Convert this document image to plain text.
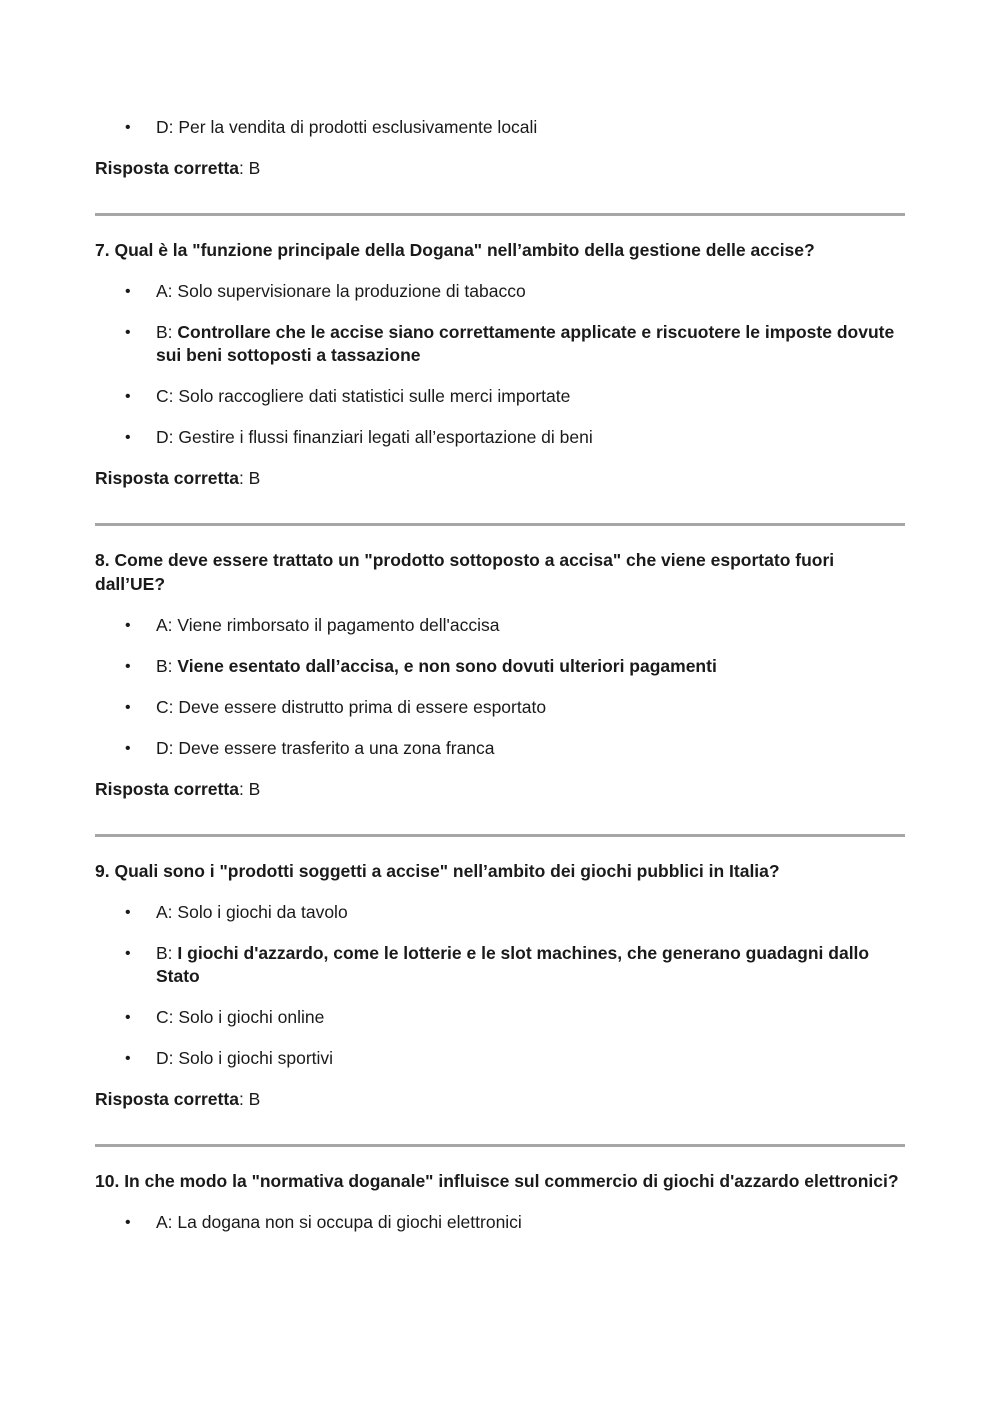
• D: Per la vendita di prodotti esclusivamente locali

Risposta corretta: B

7. Qual è la "funzione principale della Dogana" nell’ambito della gestione delle accise?

• A: Solo supervisionare la produzione di tabacco
• B: Controllare che le accise siano correttamente applicate e riscuotere le imposte dovute sui beni sottoposti a tassazione
• C: Solo raccogliere dati statistici sulle merci importate
• D: Gestire i flussi finanziari legati all’esportazione di beni

Risposta corretta: B

8. Come deve essere trattato un "prodotto sottoposto a accisa" che viene esportato fuori dall’UE?

• A: Viene rimborsato il pagamento dell'accisa
• B: Viene esentato dall’accisa, e non sono dovuti ulteriori pagamenti
• C: Deve essere distrutto prima di essere esportato
• D: Deve essere trasferito a una zona franca

Risposta corretta: B

9. Quali sono i "prodotti soggetti a accise" nell’ambito dei giochi pubblici in Italia?

• A: Solo i giochi da tavolo
• B: I giochi d'azzardo, come le lotterie e le slot machines, che generano guadagni dallo Stato
• C: Solo i giochi online
• D: Solo i giochi sportivi

Risposta corretta: B

10. In che modo la "normativa doganale" influisce sul commercio di giochi d'azzardo elettronici?

• A: La dogana non si occupa di giochi elettronici
